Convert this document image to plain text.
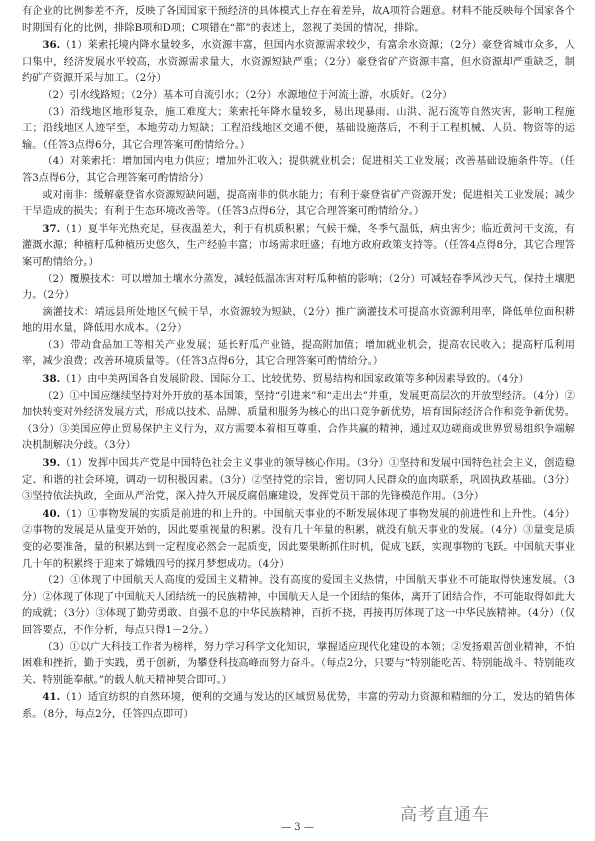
有企业的比例参差不齐，反映了各国国家干预经济的具体模式上存在着差异，故A项符合题意。材料不能反映每个国家各个时期国有化的比例，排除B项和D项；C项错在“都”的表述上，忽视了美国的情况，排除。

36.（1）莱索托境内降水量较多，水资源丰富，但国内水资源需求较少，有富余水资源；（2分）豪登省城市众多，人口集中，经济发展水平较高，水资源需求量大，水资源短缺严重；（2分）豪登省矿产资源丰富，但水资源却严重缺乏，制约矿产资源开采与加工。（2分）

（2）引水线路短；（2分）基本可自流引水；（2分）水源地位于河流上游，水质好。（2分）

（3）沿线地区地形复杂，施工难度大；莱索托年降水量较多，易出现暴雨、山洪、泥石流等自然灾害，影响工程施工；沿线地区人迹罕至，本地劳动力短缺；工程沿线地区交通不便，基础设施落后，不利于工程机械、人员、物资等的运输。（任答3点得6分，其它合理答案可酌情给分。）

（4）对莱索托：增加国内电力供应；增加外汇收入；提供就业机会；促进相关工业发展；改善基础设施条件等。（任答3点得6分，其它合理答案可酌情给分）

或对南非：缓解豪登省水资源短缺问题，提高南非的供水能力；有利于豪登省矿产资源开发；促进相关工业发展；减少干旱造成的损失；有利于生态环境改善等。（任答3点得6分，其它合理答案可酌情给分。）

37.（1）夏半年光热充足，昼夜温差大，利于有机质积累；气候干燥，冬季气温低，病虫害少；临近黄河干支流，有灌溉水源；种植籽瓜种植历史悠久，生产经验丰富；市场需求旺盛；有地方政府政策支持等。（任答4点得8分，其它合理答案可酌情给分。）

（2）覆膜技术：可以增加土壤水分蒸发，减轻低温冻害对籽瓜种植的影响；（2分）可减轻春季风沙天气，保持土壤肥力。（2分）

滴灌技术：靖远县所处地区气候干旱，水资源较为短缺，（2分）推广滴灌技术可提高水资源利用率，降低单位面积耕地的用水量，降低用水成本。（2分）

（3）带动食品加工等相关产业发展；延长籽瓜产业链，提高附加值；增加就业机会，提高农民收入；提高籽瓜利用率，减少浪费；改善环境质量等。（任答3点得6分，其它合理答案可酌情给分。）

38.（1）由中美两国各自发展阶段、国际分工、比较优势、贸易结构和国家政策等多种因素导致的。（4分）

（2）①中国应继续坚持对外开放的基本国策，坚持“引进来”和“走出去”并重，发展更高层次的开放型经济。（4分）②加快转变对外经济发展方式，形成以技术、品牌、质量和服务为核心的出口竞争新优势，培育国际经济合作和竞争新优势。（3分）③美国应停止贸易保护主义行为，双方需要本着相互尊重、合作共赢的精神，通过双边磋商或世界贸易组织争端解决机制解决分歧。（3分）

39.（1）发挥中国共产党是中国特色社会主义事业的领导核心作用。（3分）①坚持和发展中国特色社会主义，创造稳定、和谐的社会环境，调动一切积极因素。（3分）②坚持党的宗旨，密切同人民群众的血肉联系，巩固执政基础。（3分）③坚持依法执政，全面从严治党，深入持久开展反腐倡廉建设，发挥党员干部的先锋模范作用。（3分）

40.（1）①事物发展的实质是前进的和上升的。中国航天事业的不断发展体现了事物发展的前进性和上升性。（4分）②事物的发展是从量变开始的，因此要重视量的积累。没有几十年量的积累，就没有航天事业的发展。（4分）③量变是质变的必要准备，量的积累达到一定程度必然会一起质变，因此要果断抓住时机，促成飞跃，实现事物的飞跃。中国航天事业几十年的积累终于迎来了嫦娥四号的探月梦想成功。（4分）

（2）①体现了中国航天人高度的爱国主义精神。没有高度的爱国主义热情，中国航天事业不可能取得快速发展。（3分）②体现了体现了中国航天人团结统一的民族精神，中国航天人是一个团结的集体，离开了团结合作，不可能取得如此大的成就；（3分）③体现了勤劳勇敢、自强不息的中华民族精神，百折不挠，再接再厉体现了这一中华民族精神。（4分）（仅回答要点，不作分析，每点只得1－2分。）

（3）①以广大科技工作者为榜样，努力学习科学文化知识，掌握适应现代化建设的本领；②发扬艰苦创业精神，不怕困难和挫折，勤于实践，勇于创新，为攀登科技高峰而努力奋斗。（每点2分，只要与“特别能吃苦、特别能战斗、特别能攻关、特别能奉献。”的载人航天精神契合即可。）

41.（1）适宜纺织的自然环境，便利的交通与发达的区域贸易优势，丰富的劳动力资源和精细的分工，发达的销售体系。（8分，每点2分，任答四点即可）

— 3 —
高考直通车
